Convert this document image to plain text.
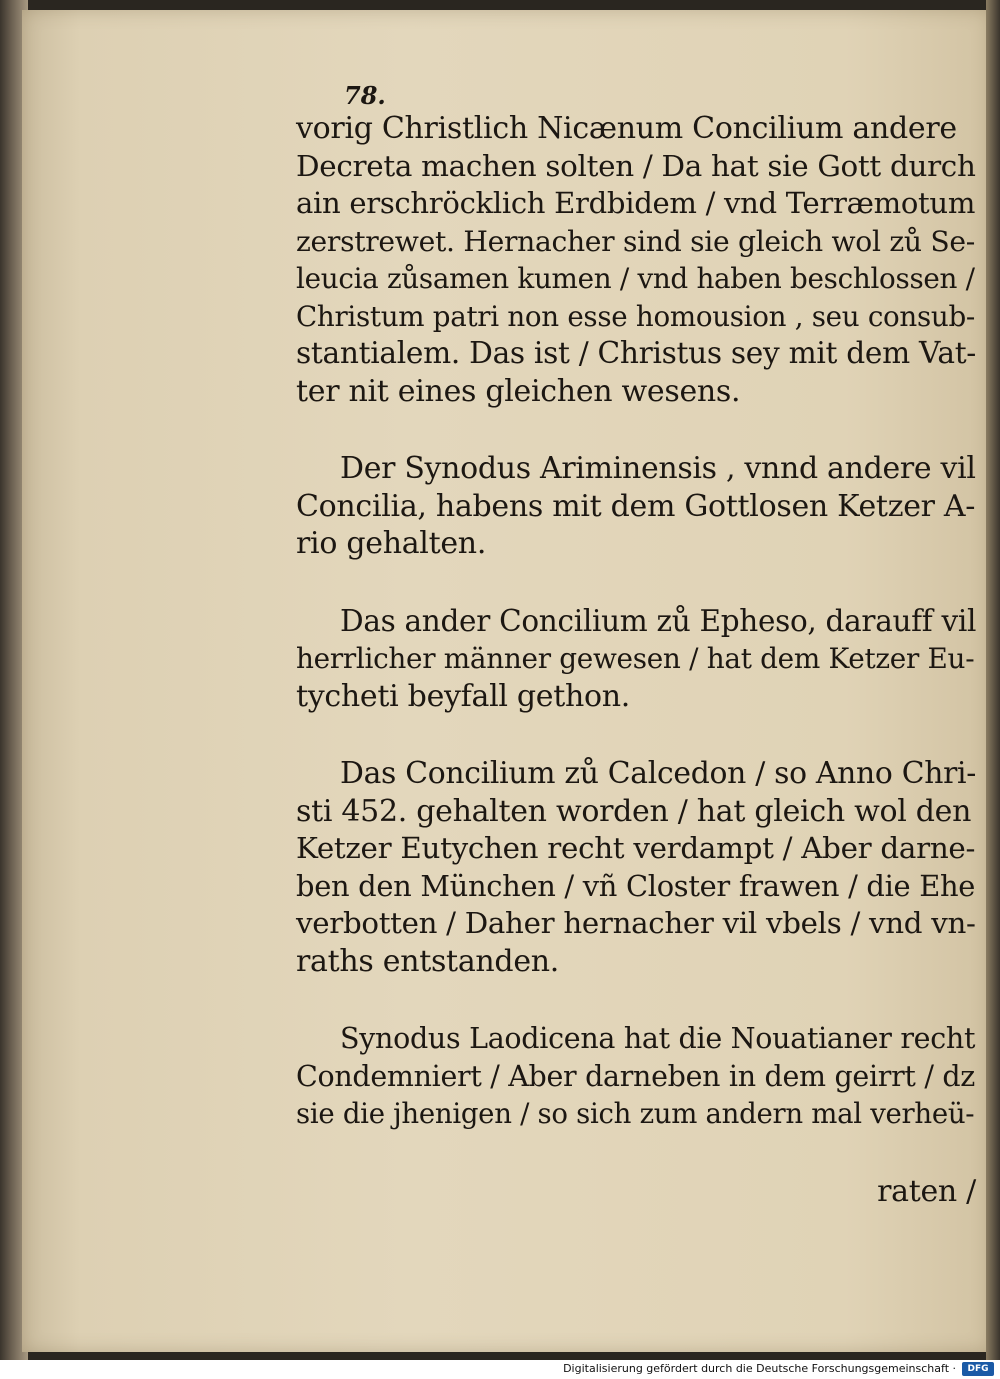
78.
vorig Christlich Nicænum Concilium andere
Decreta machen solten / Da hat sie Gott durch
ain erschröcklich Erdbidem / vnd Terræmotum
zerstrewet. Hernacher sind sie gleich wol zů Se-
leucia zůsamen kumen / vnd haben beschlossen /
Christum patri non esse homousion , seu consub-
stantialem. Das ist / Christus sey mit dem Vat-
ter nit eines gleichen wesens.
Der Synodus Ariminensis , vnnd andere vil
Concilia, habens mit dem Gottlosen Ketzer A-
rio gehalten.
Das ander Concilium zů Epheso, darauff vil
herrlicher männer gewesen / hat dem Ketzer Eu-
tycheti beyfall gethon.
Das Concilium zů Calcedon / so Anno Chri-
sti 452. gehalten worden / hat gleich wol den
Ketzer Eutychen recht verdampt / Aber darne-
ben den München / vñ Closter frawen / die Ehe
verbotten / Daher hernacher vil vbels / vnd vn-
raths entstanden.
Synodus Laodicena hat die Nouatianer recht
Condemniert / Aber darneben in dem geirrt / dz
sie die jhenigen / so sich zum andern mal verheü-
raten /
Digitalisierung gefördert durch die Deutsche Forschungsgemeinschaft ·	DFG
